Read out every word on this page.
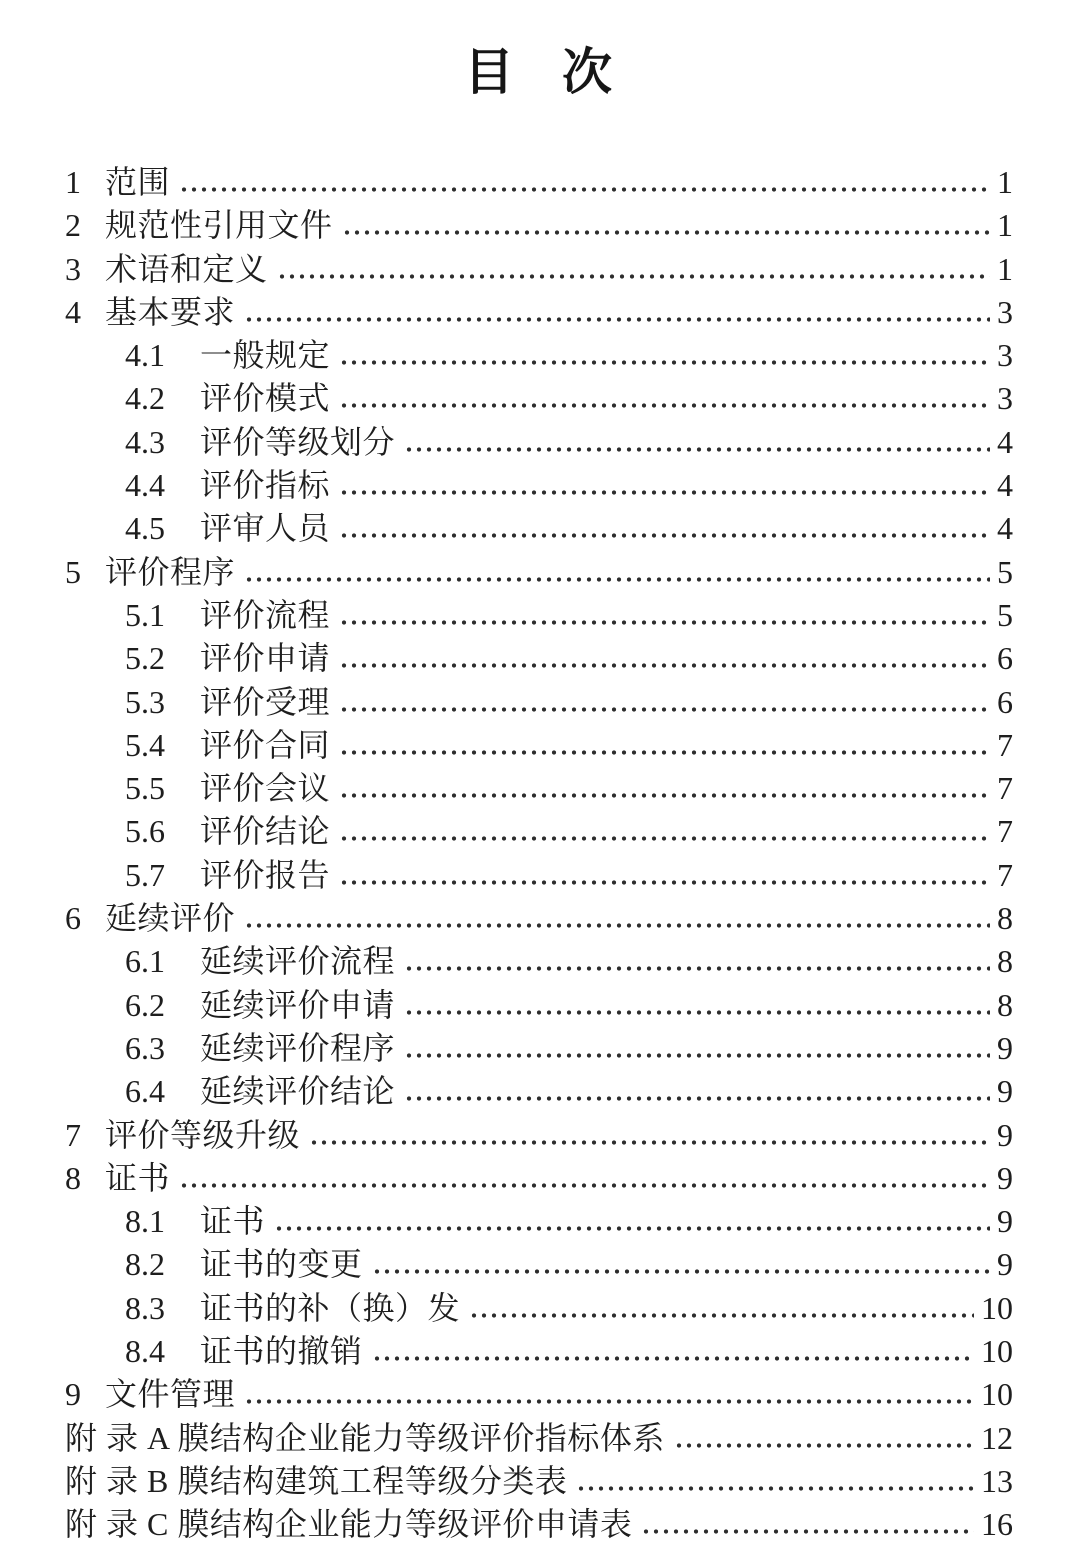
目 次
1 范围	1
2 规范性引用文件	1
3 术语和定义	1
4 基本要求	3
4.1	一般规定	3
4.2	评价模式	3
4.3	评价等级划分	4
4.4	评价指标	4
4.5	评审人员	4
5 评价程序	5
5.1	评价流程	5
5.2	评价申请	6
5.3	评价受理	6
5.4	评价合同	7
5.5	评价会议	7
5.6	评价结论	7
5.7	评价报告	7
6 延续评价	8
6.1	延续评价流程	8
6.2	延续评价申请	8
6.3	延续评价程序	9
6.4	延续评价结论	9
7 评价等级升级	9
8 证书	9
8.1	证书	9
8.2	证书的变更	9
8.3	证书的补（换）发	10
8.4	证书的撤销	10
9 文件管理	10
附 录 A 膜结构企业能力等级评价指标体系	12
附 录 B 膜结构建筑工程等级分类表	13
附 录 C 膜结构企业能力等级评价申请表	16
